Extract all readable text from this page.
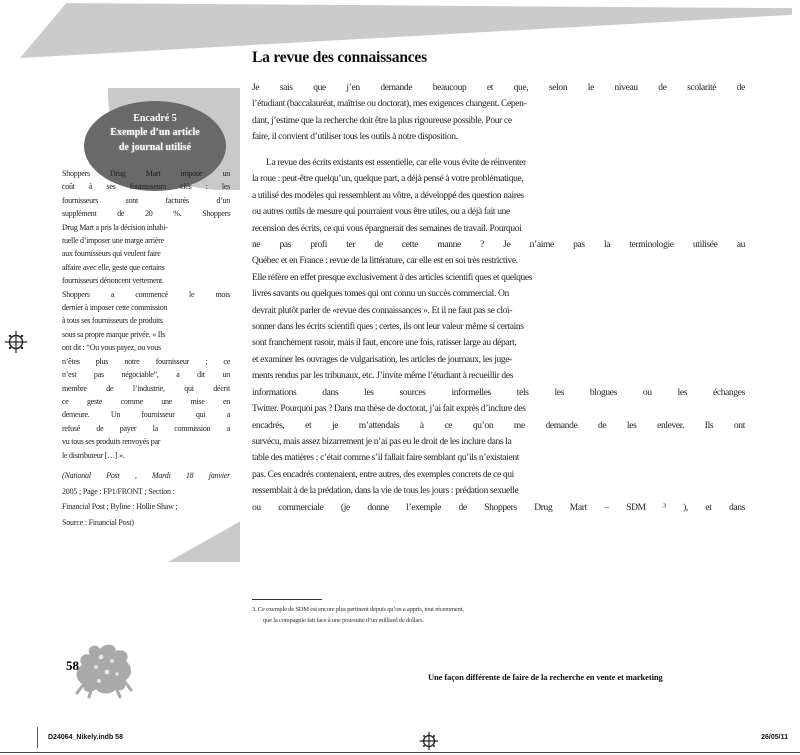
Encadré 5
Exemple d’un article
de journal utilisé
Shoppers Drug Mart impose un
coût à ses fournisseurs clés : les
fournisseurs sont facturés d’un
supplément de 20 %. Shoppers
Drug Mart a pris la décision inhabi-
tuelle d’imposer une marge arrière
aux fournisseurs qui veulent faire
affaire avec elle, geste que certains
fournisseurs dénoncent vertement.
Shoppers a commencé le mois
dernier à imposer cette commission
à tous ses fournisseurs de produits
sous sa propre marque privée. « Ils
ont dit : “Ou vous payez, ou vous
n’êtes plus notre fournisseur ; ce
n’est pas négociable”, a dit un
membre de l’industrie, qui décrit
ce geste comme une mise en
demeure. Un fournisseur qui a
refusé de payer la commission a
vu tous ses produits renvoyés par
le distributeur […] ».
(National Post , Mardi 18 janvier
2005 ; Page : FP1/FRONT ; Section :
Financial Post ; Byline : Hollie Shaw ;
Source : Financial Post)
La revue des connaissances
Je sais que j’en demande beaucoup et que, selon le niveau de scolarité de
l’étudiant (baccalauréat, maîtrise ou doctorat), mes exigences changent. Cepen-
dant, j’estime que la recherche doit être la plus rigoureuse possible. Pour ce
faire, il convient d’utiliser tous les outils à notre disposition.
La revue des écrits existants est essentielle, car elle vous évite de réinventer
la roue : peut-être quelqu’un, quelque part, a déjà pensé à votre problématique,
a utilisé des modèles qui ressemblent au vôtre, a développé des question naires
ou autres outils de mesure qui pourraient vous être utiles, ou a déjà fait une
recension des écrits, ce qui vous épargnerait des semaines de travail. Pourquoi
ne pas profi ter de cette manne ? Je n’aime pas la terminologie utilisée au
Québec et en France : revue de la littérature, car elle est en soi très restrictive.
Elle réfère en effet presque exclusivement à des articles scientifi ques et quelques
livres savants ou quelques tomes qui ont connu un succès commercial. On
devrait plutôt parler de «revue des connaissances ». Et il ne faut pas se cloi-
sonner dans les écrits scientifi ques ; certes, ils ont leur valeur même si certains
sont franchement rasoir, mais il faut, encore une fois, ratisser large au départ,
et examiner les ouvrages de vulgarisation, les articles de journaux, les juge-
ments rendus par les tribunaux, etc. J’invite même l’étudiant à recueillir des
informations dans les sources informelles tels les blogues ou les échanges
Twitter. Pourquoi pas ? Dans ma thèse de doctorat, j’ai fait exprès d’inclure des
encadrés, et je m’attendais à ce qu’on me demande de les enlever. Ils ont
survécu, mais assez bizarrement je n’ai pas eu le droit de les inclure dans la
table des matières ; c’était comme s’il fallait faire semblant qu’ils n’existaient
pas. Ces encadrés contenaient, entre autres, des exemples concrets de ce qui
ressemblait à de la prédation, dans la vie de tous les jours : prédation sexuelle
ou commerciale (je donne l’exemple de Shoppers Drug Mart – SDM ³ ), et dans
3. Ce exemple de SDM est encore plus pertinent depuis qu’on a appris, tout récemment,
que la compagnie fait face à une poursuite d’un milliard de dollars.
Une façon différente de faire de la recherche en vente et marketing
58
D24064_Nikely.indb 58	26/05/11
